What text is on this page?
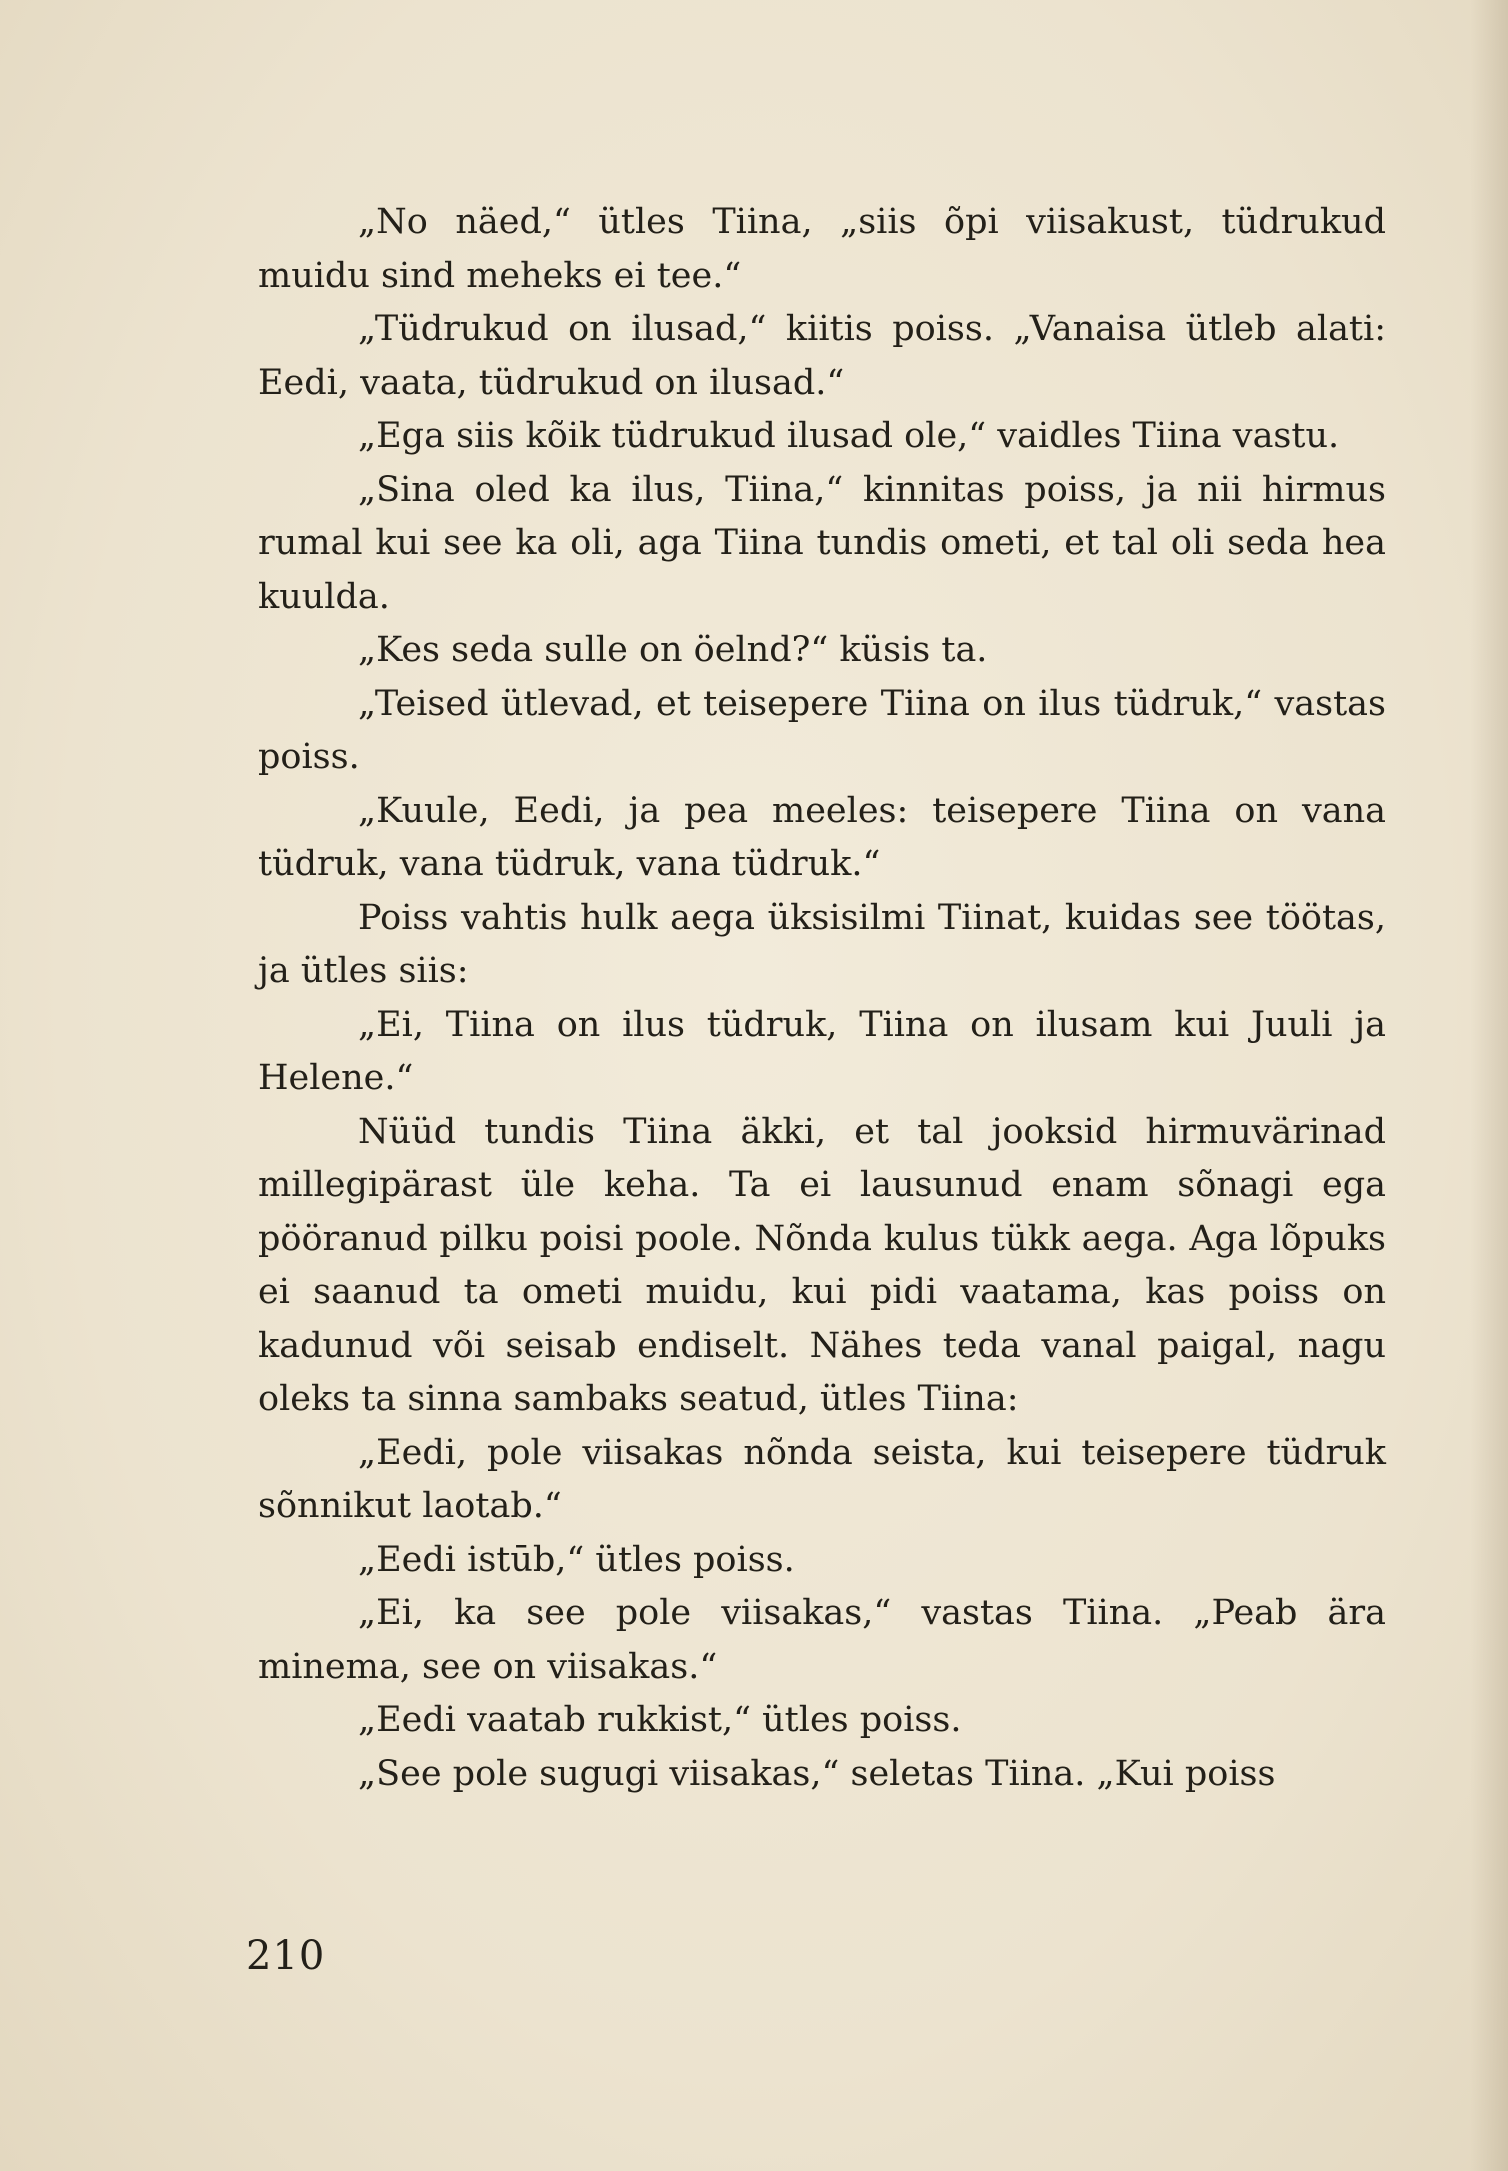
„No näed,“ ütles Tiina, „siis õpi viisakust, tüdrukud muidu sind meheks ei tee.“

„Tüdrukud on ilusad,“ kiitis poiss. „Vanaisa ütleb alati: Eedi, vaata, tüdrukud on ilusad.“

„Ega siis kõik tüdrukud ilusad ole,“ vaidles Tiina vastu.

„Sina oled ka ilus, Tiina,“ kinnitas poiss, ja nii hirmus rumal kui see ka oli, aga Tiina tundis ometi, et tal oli seda hea kuulda.

„Kes seda sulle on öelnd?“ küsis ta.

„Teised ütlevad, et teisepere Tiina on ilus tüdruk,“ vastas poiss.

„Kuule, Eedi, ja pea meeles: teisepere Tiina on vana tüdruk, vana tüdruk, vana tüdruk.“

Poiss vahtis hulk aega üksisilmi Tiinat, kuidas see töötas, ja ütles siis:

„Ei, Tiina on ilus tüdruk, Tiina on ilusam kui Juuli ja Helene.“

Nüüd tundis Tiina äkki, et tal jooksid hirmuvärinad millegipärast üle keha. Ta ei lausunud enam sõnagi ega pööranud pilku poisi poole. Nõnda kulus tükk aega. Aga lõpuks ei saanud ta ometi muidu, kui pidi vaatama, kas poiss on kadunud või seisab endiselt. Nähes teda vanal paigal, nagu oleks ta sinna sambaks seatud, ütles Tiina:

„Eedi, pole viisakas nõnda seista, kui teisepere tüdruk sõnnikut laotab.“

„Eedi istūb,“ ütles poiss.

„Ei, ka see pole viisakas,“ vastas Tiina. „Peab ära minema, see on viisakas.“

„Eedi vaatab rukkist,“ ütles poiss.

„See pole sugugi viisakas,“ seletas Tiina. „Kui poiss

210
